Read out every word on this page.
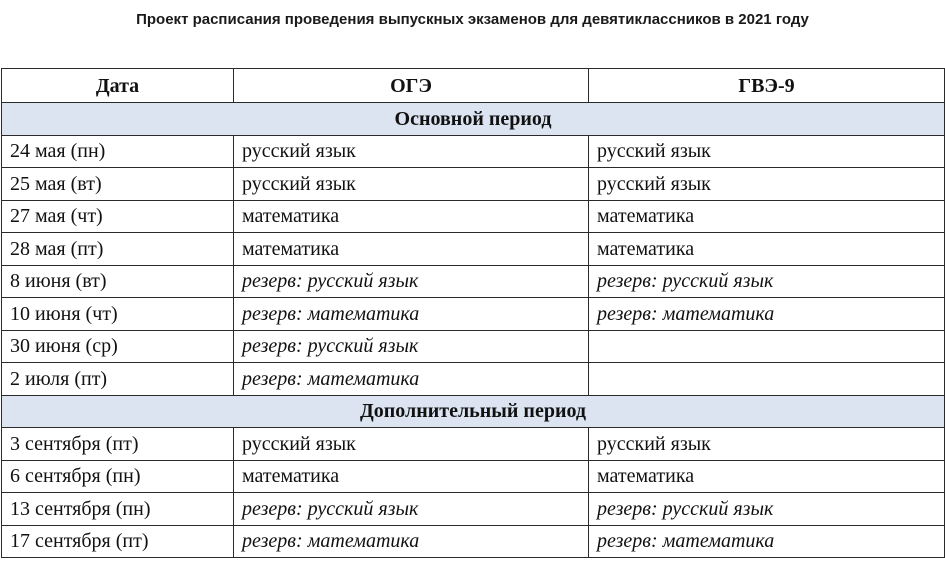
Проект расписания проведения выпускных экзаменов для девятиклассников в 2021 году
Дата	ОГЭ	ГВЭ-9
Основной период		
24 мая (пн)	русский язык	русский язык
25 мая (вт)	русский язык	русский язык
27 мая (чт)	математика	математика
28 мая (пт)	математика	математика
8 июня (вт)	резерв: русский язык	резерв: русский язык
10 июня (чт)	резерв: математика	резерв: математика
30 июня (ср)	резерв: русский язык	
2 июля (пт)	резерв: математика	
Дополнительный период		
3 сентября (пт)	русский язык	русский язык
6 сентября (пн)	математика	математика
13 сентября (пн)	резерв: русский язык	резерв: русский язык
17 сентября (пт)	резерв: математика	резерв: математика
